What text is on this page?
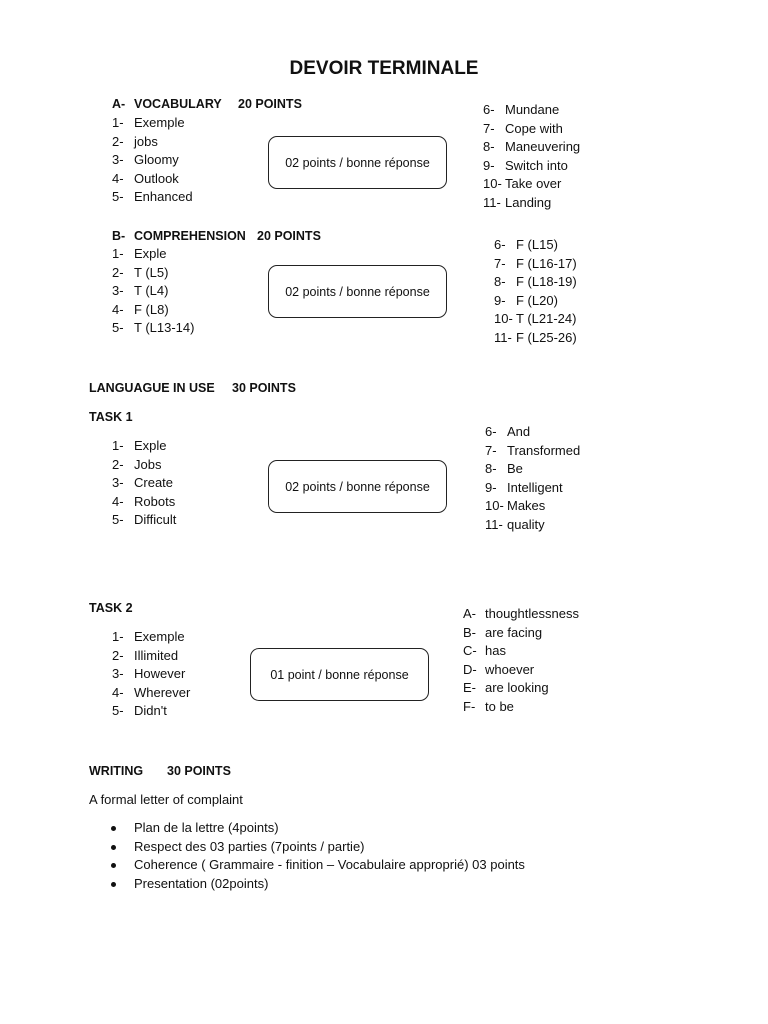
DEVOIR TERMINALE
A- VOCABULARY 20 POINTS
1- Exemple
2- jobs
3- Gloomy
4- Outlook
5- Enhanced
02 points / bonne réponse
6- Mundane
7- Cope with
8- Maneuvering
9- Switch into
10- Take over
11- Landing
B- COMPREHENSION 20 POINTS
1- Exple
2- T (L5)
3- T (L4)
4- F (L8)
5- T (L13-14)
02 points / bonne réponse
6- F (L15)
7- F (L16-17)
8- F (L18-19)
9- F (L20)
10- T (L21-24)
11- F (L25-26)
LANGUAGUE IN USE 30 POINTS
TASK 1
1- Exple
2- Jobs
3- Create
4- Robots
5- Difficult
02 points / bonne réponse
6- And
7- Transformed
8- Be
9- Intelligent
10- Makes
11- quality
TASK 2
1- Exemple
2- Illimited
3- However
4- Wherever
5- Didn't
01 point / bonne réponse
A- thoughtlessness
B- are facing
C- has
D- whoever
E- are looking
F- to be
WRITING 30 POINTS
A formal letter of complaint
Plan de la lettre (4points)
Respect des 03 parties (7points / partie)
Coherence ( Grammaire - finition – Vocabulaire approprié) 03 points
Presentation (02points)
